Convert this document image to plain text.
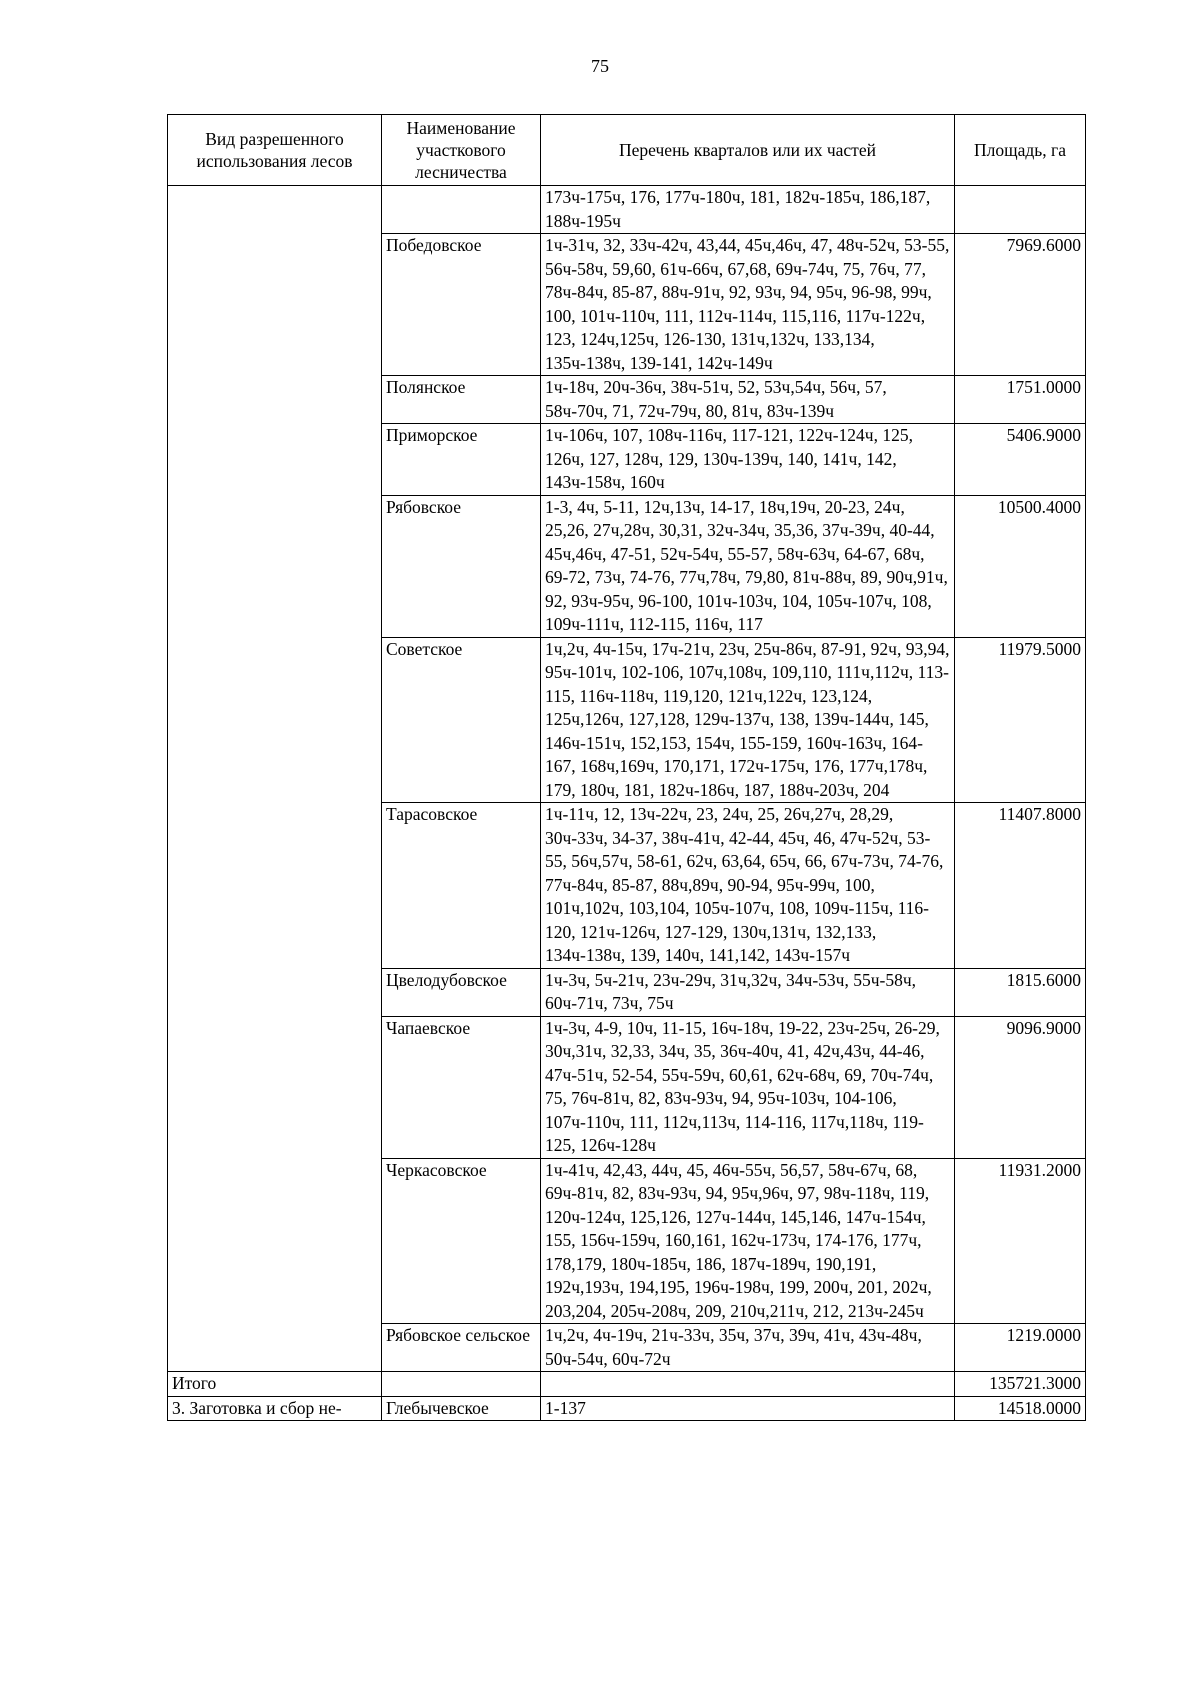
75
Вид разрешенного использования лесов	Наименование участкового лесничества	Перечень кварталов или их частей	Площадь, га
		173ч-175ч, 176, 177ч-180ч, 181, 182ч-185ч, 186,187, 188ч-195ч	
	Победовское	1ч-31ч, 32, 33ч-42ч, 43,44, 45ч,46ч, 47, 48ч-52ч, 53-55, 56ч-58ч, 59,60, 61ч-66ч, 67,68, 69ч-74ч, 75, 76ч, 77, 78ч-84ч, 85-87, 88ч-91ч, 92, 93ч, 94, 95ч, 96-98, 99ч, 100, 101ч-110ч, 111, 112ч-114ч, 115,116, 117ч-122ч, 123, 124ч,125ч, 126-130, 131ч,132ч, 133,134, 135ч-138ч, 139-141, 142ч-149ч	7969.6000
	Полянское	1ч-18ч, 20ч-36ч, 38ч-51ч, 52, 53ч,54ч, 56ч, 57, 58ч-70ч, 71, 72ч-79ч, 80, 81ч, 83ч-139ч	1751.0000
	Приморское	1ч-106ч, 107, 108ч-116ч, 117-121, 122ч-124ч, 125, 126ч, 127, 128ч, 129, 130ч-139ч, 140, 141ч, 142, 143ч-158ч, 160ч	5406.9000
	Рябовское	1-3, 4ч, 5-11, 12ч,13ч, 14-17, 18ч,19ч, 20-23, 24ч, 25,26, 27ч,28ч, 30,31, 32ч-34ч, 35,36, 37ч-39ч, 40-44, 45ч,46ч, 47-51, 52ч-54ч, 55-57, 58ч-63ч, 64-67, 68ч, 69-72, 73ч, 74-76, 77ч,78ч, 79,80, 81ч-88ч, 89, 90ч,91ч, 92, 93ч-95ч, 96-100, 101ч-103ч, 104, 105ч-107ч, 108, 109ч-111ч, 112-115, 116ч, 117	10500.4000
	Советское	1ч,2ч, 4ч-15ч, 17ч-21ч, 23ч, 25ч-86ч, 87-91, 92ч, 93,94, 95ч-101ч, 102-106, 107ч,108ч, 109,110, 111ч,112ч, 113-115, 116ч-118ч, 119,120, 121ч,122ч, 123,124, 125ч,126ч, 127,128, 129ч-137ч, 138, 139ч-144ч, 145, 146ч-151ч, 152,153, 154ч, 155-159, 160ч-163ч, 164-167, 168ч,169ч, 170,171, 172ч-175ч, 176, 177ч,178ч, 179, 180ч, 181, 182ч-186ч, 187, 188ч-203ч, 204	11979.5000
	Тарасовское	1ч-11ч, 12, 13ч-22ч, 23, 24ч, 25, 26ч,27ч, 28,29, 30ч-33ч, 34-37, 38ч-41ч, 42-44, 45ч, 46, 47ч-52ч, 53-55, 56ч,57ч, 58-61, 62ч, 63,64, 65ч, 66, 67ч-73ч, 74-76, 77ч-84ч, 85-87, 88ч,89ч, 90-94, 95ч-99ч, 100, 101ч,102ч, 103,104, 105ч-107ч, 108, 109ч-115ч, 116-120, 121ч-126ч, 127-129, 130ч,131ч, 132,133, 134ч-138ч, 139, 140ч, 141,142, 143ч-157ч	11407.8000
	Цвелодубовское	1ч-3ч, 5ч-21ч, 23ч-29ч, 31ч,32ч, 34ч-53ч, 55ч-58ч, 60ч-71ч, 73ч, 75ч	1815.6000
	Чапаевское	1ч-3ч, 4-9, 10ч, 11-15, 16ч-18ч, 19-22, 23ч-25ч, 26-29, 30ч,31ч, 32,33, 34ч, 35, 36ч-40ч, 41, 42ч,43ч, 44-46, 47ч-51ч, 52-54, 55ч-59ч, 60,61, 62ч-68ч, 69, 70ч-74ч, 75, 76ч-81ч, 82, 83ч-93ч, 94, 95ч-103ч, 104-106, 107ч-110ч, 111, 112ч,113ч, 114-116, 117ч,118ч, 119-125, 126ч-128ч	9096.9000
	Черкасовское	1ч-41ч, 42,43, 44ч, 45, 46ч-55ч, 56,57, 58ч-67ч, 68, 69ч-81ч, 82, 83ч-93ч, 94, 95ч,96ч, 97, 98ч-118ч, 119, 120ч-124ч, 125,126, 127ч-144ч, 145,146, 147ч-154ч, 155, 156ч-159ч, 160,161, 162ч-173ч, 174-176, 177ч, 178,179, 180ч-185ч, 186, 187ч-189ч, 190,191, 192ч,193ч, 194,195, 196ч-198ч, 199, 200ч, 201, 202ч, 203,204, 205ч-208ч, 209, 210ч,211ч, 212, 213ч-245ч	11931.2000
	Рябовское сельское	1ч,2ч, 4ч-19ч, 21ч-33ч, 35ч, 37ч, 39ч, 41ч, 43ч-48ч, 50ч-54ч, 60ч-72ч	1219.0000
Итого			135721.3000
3. Заготовка и сбор не-	Глебычевское	1-137	14518.0000
